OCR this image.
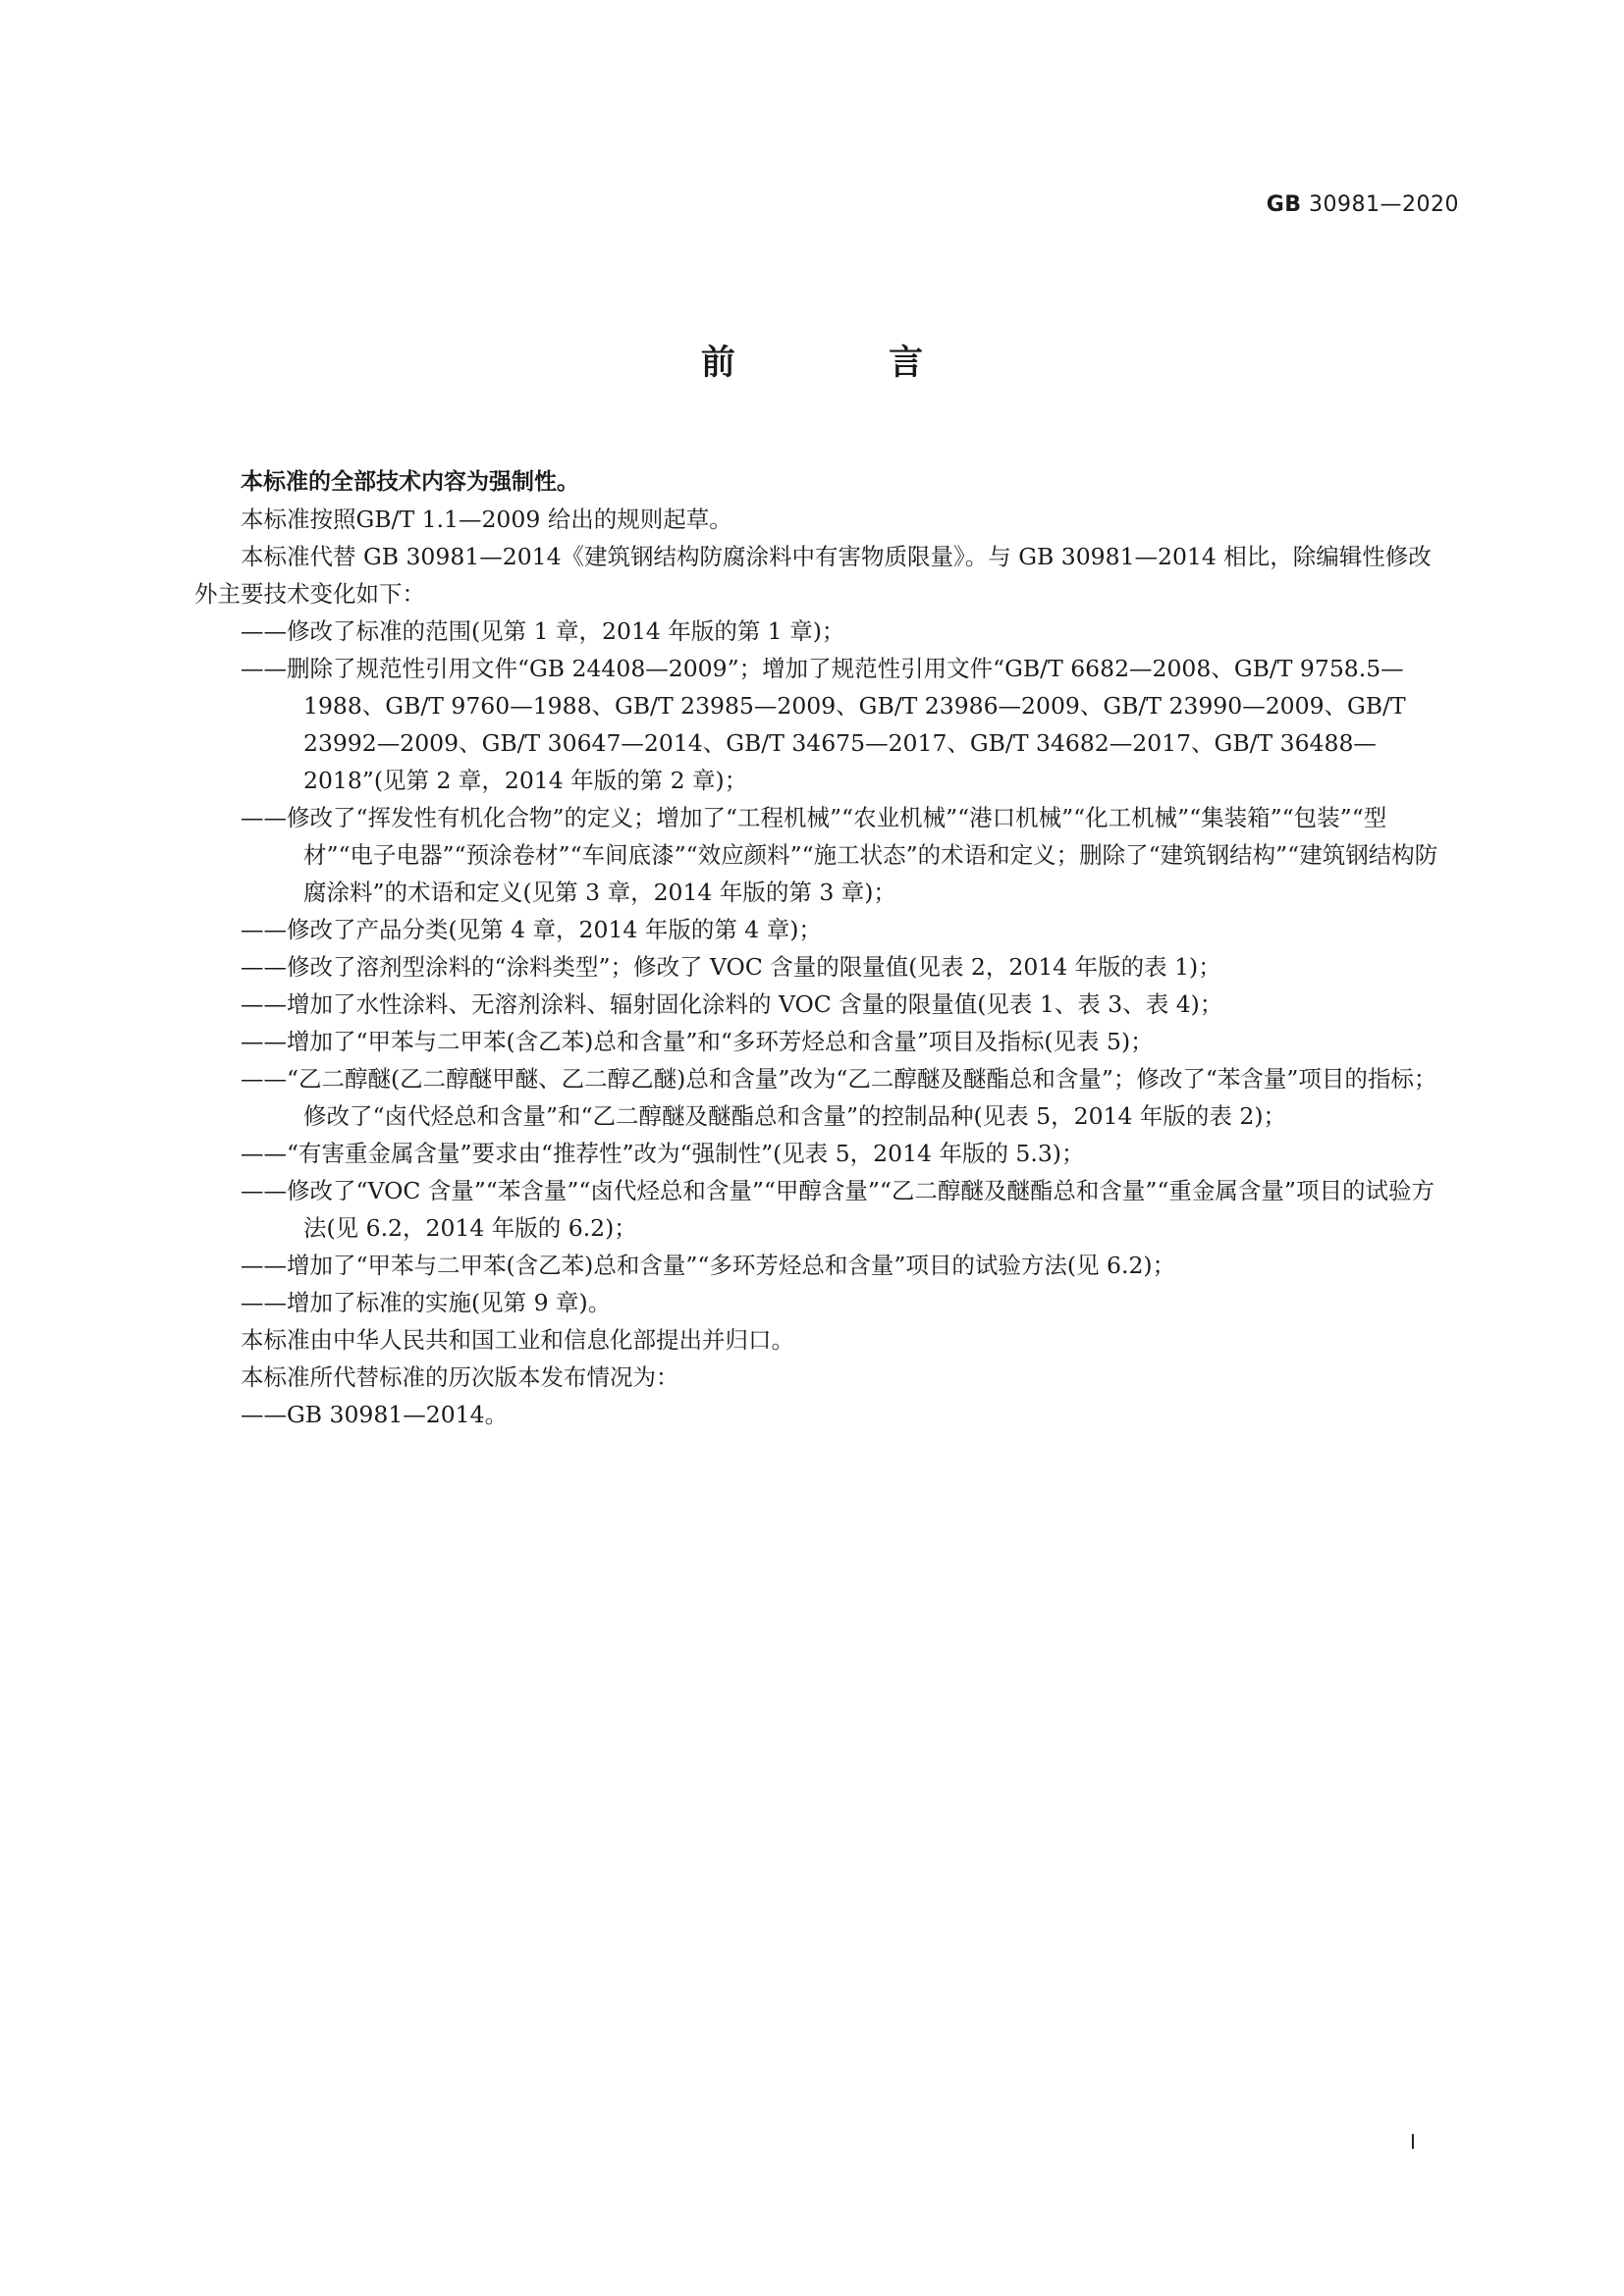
GB 30981—2020
前 言

本标准的全部技术内容为强制性。

本标准按照GB/T 1.1—2009 给出的规则起草。

本标准代替 GB 30981—2014《建筑钢结构防腐涂料中有害物质限量》。与 GB 30981—2014 相比，除编辑性修改外主要技术变化如下：

——修改了标准的范围(见第 1 章，2014 年版的第 1 章)；

——删除了规范性引用文件“GB 24408—2009”；增加了规范性引用文件“GB/T 6682—2008、GB/T 9758.5—1988、GB/T 9760—1988、GB/T 23985—2009、GB/T 23986—2009、GB/T 23990—2009、GB/T 23992—2009、GB/T 30647—2014、GB/T 34675—2017、GB/T 34682—2017、GB/T 36488—2018”(见第 2 章，2014 年版的第 2 章)；

——修改了“挥发性有机化合物”的定义；增加了“工程机械”“农业机械”“港口机械”“化工机械”“集装箱”“包装”“型材”“电子电器”“预涂卷材”“车间底漆”“效应颜料”“施工状态”的术语和定义；删除了“建筑钢结构”“建筑钢结构防腐涂料”的术语和定义(见第 3 章，2014 年版的第 3 章)；

——修改了产品分类(见第 4 章，2014 年版的第 4 章)；

——修改了溶剂型涂料的“涂料类型”；修改了 VOC 含量的限量值(见表 2，2014 年版的表 1)；

——增加了水性涂料、无溶剂涂料、辐射固化涂料的 VOC 含量的限量值(见表 1、表 3、表 4)；

——增加了“甲苯与二甲苯(含乙苯)总和含量”和“多环芳烃总和含量”项目及指标(见表 5)；

——“乙二醇醚(乙二醇醚甲醚、乙二醇乙醚)总和含量”改为“乙二醇醚及醚酯总和含量”；修改了“苯含量”项目的指标；修改了“卤代烃总和含量”和“乙二醇醚及醚酯总和含量”的控制品种(见表 5，2014 年版的表 2)；

——“有害重金属含量”要求由“推荐性”改为“强制性”(见表 5，2014 年版的 5.3)；

——修改了“VOC 含量”“苯含量”“卤代烃总和含量”“甲醇含量”“乙二醇醚及醚酯总和含量”“重金属含量”项目的试验方法(见 6.2，2014 年版的 6.2)；

——增加了“甲苯与二甲苯(含乙苯)总和含量”“多环芳烃总和含量”项目的试验方法(见 6.2)；

——增加了标准的实施(见第 9 章)。

本标准由中华人民共和国工业和信息化部提出并归口。

本标准所代替标准的历次版本发布情况为：

——GB 30981—2014。

I
